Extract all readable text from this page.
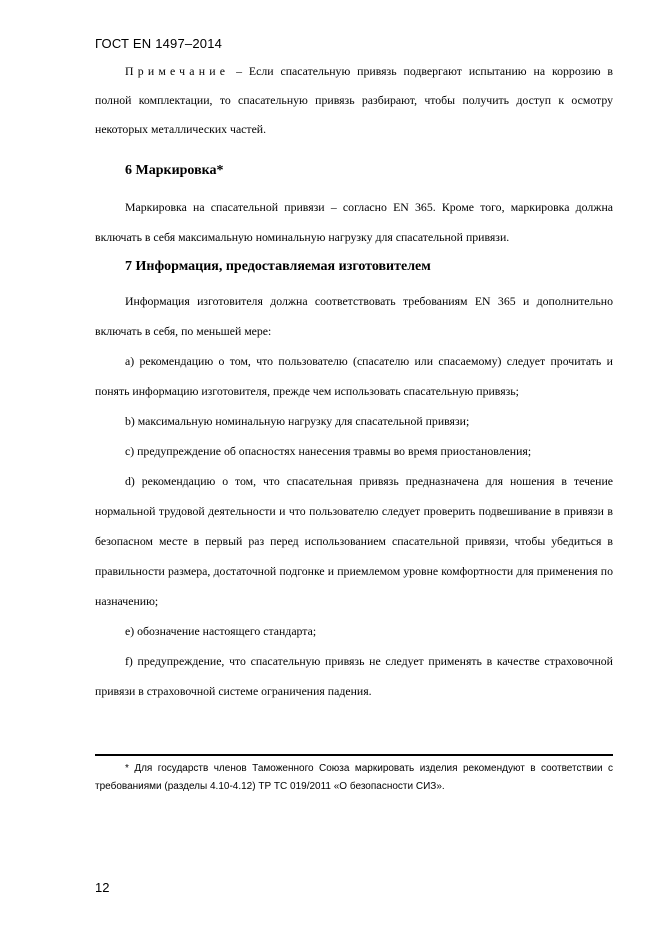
ГОСТ EN 1497–2014

Примечание – Если спасательную привязь подвергают испытанию на коррозию в полной комплектации, то спасательную привязь разбирают, чтобы получить доступ к осмотру некоторых металлических частей.

6 Маркировка*

Маркировка на спасательной привязи – согласно EN 365. Кроме того, маркировка должна включать в себя максимальную номинальную нагрузку для спасательной привязи.

7 Информация, предоставляемая изготовителем

Информация изготовителя должна соответствовать требованиям EN 365 и дополнительно включать в себя, по меньшей мере:

a) рекомендацию о том, что пользователю (спасателю или спасаемому) следует прочитать и понять информацию изготовителя, прежде чем использовать спасательную привязь;

b) максимальную номинальную нагрузку для спасательной привязи;

c) предупреждение об опасностях нанесения травмы во время приостановления;

d) рекомендацию о том, что спасательная привязь предназначена для ношения в течение нормальной трудовой деятельности и что пользователю следует проверить подвешивание в привязи в безопасном месте в первый раз перед использованием спасательной привязи, чтобы убедиться в правильности размера, достаточной подгонке и приемлемом уровне комфортности для применения по назначению;

e) обозначение настоящего стандарта;

f) предупреждение, что спасательную привязь не следует применять в качестве страховочной привязи в страховочной системе ограничения падения.

* Для государств членов Таможенного Союза маркировать изделия рекомендуют в соответствии с требованиями (разделы 4.10-4.12) ТР ТС 019/2011 «О безопасности СИЗ».
12
